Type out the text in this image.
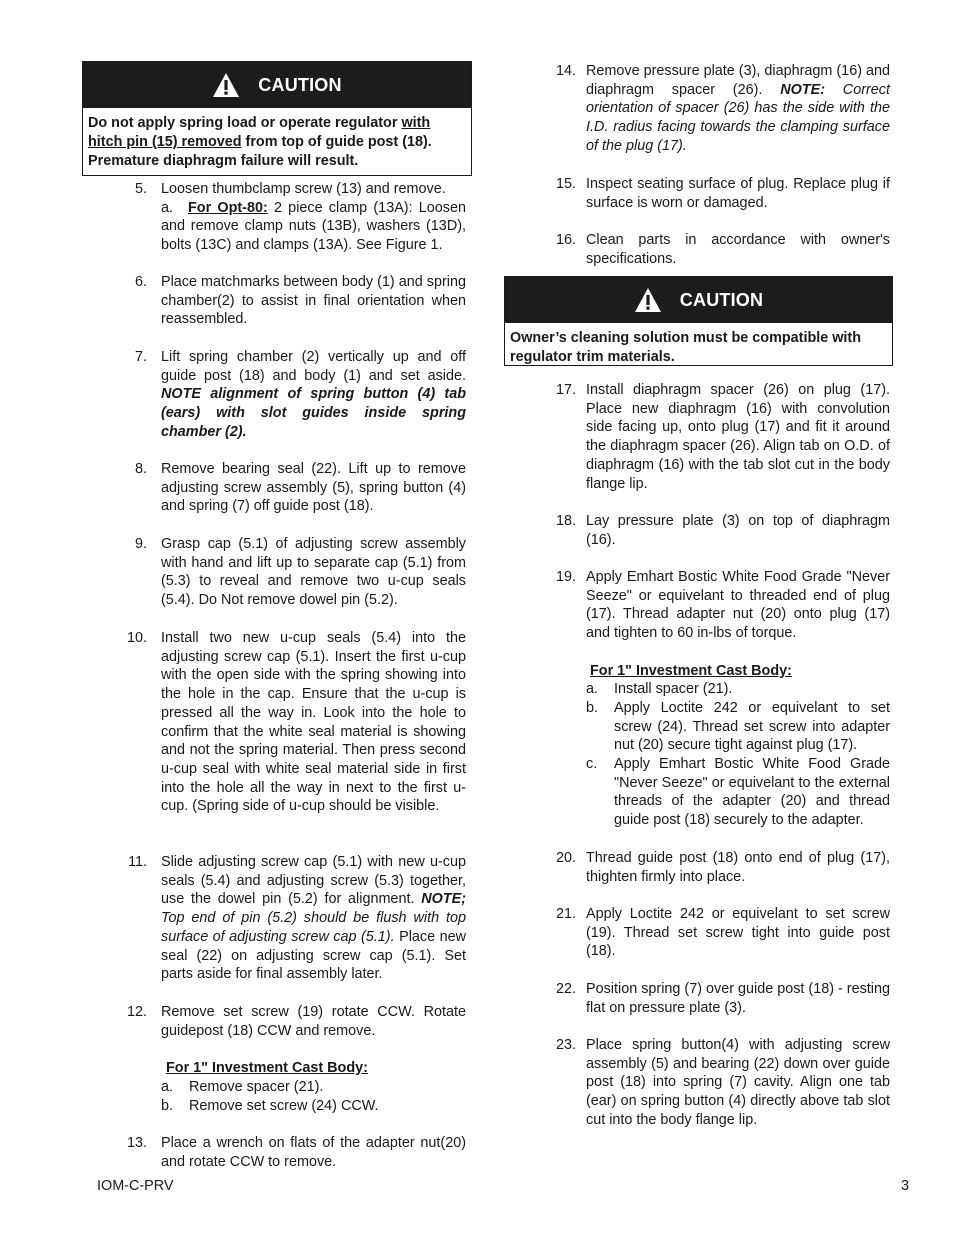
CAUTION
Do not apply spring load or operate regulator with hitch pin (15) removed from top of guide post (18). Premature diaphragm failure will result.
5. Loosen thumbclamp screw (13) and remove.
a.	For Opt-80: 2 piece clamp (13A): Loosen and remove clamp nuts (13B), washers (13D), bolts (13C) and clamps (13A). See Figure 1.
6. Place matchmarks between body (1) and spring chamber(2) to assist in final orientation when reassembled.
7. Lift spring chamber (2) vertically up and off guide post (18) and body (1) and set aside. NOTE alignment of spring button (4) tab (ears) with slot guides inside spring chamber (2).
8. Remove bearing seal (22). Lift up to remove adjusting screw assembly (5), spring button (4) and spring (7) off guide post (18).
9. Grasp cap (5.1) of adjusting screw assembly with hand and lift up to separate cap (5.1) from (5.3) to reveal and remove two u-cup seals (5.4). Do Not remove dowel pin (5.2).
10. Install two new u-cup seals (5.4) into the adjusting screw cap (5.1). Insert the first u-cup with the open side with the spring showing into the hole in the cap. Ensure that the u-cup is pressed all the way in. Look into the hole to confirm that the white seal material is showing and not the spring material. Then press second u-cup seal with white seal material side in first into the hole all the way in next to the first u-cup. (Spring side of u-cup should be visible.
11. Slide adjusting screw cap (5.1) with new u-cup seals (5.4) and adjusting screw (5.3) together, use the dowel pin (5.2) for alignment. NOTE; Top end of pin (5.2) should be flush with top surface of adjusting screw cap (5.1). Place new seal (22) on adjusting screw cap (5.1). Set parts aside for final assembly later.
12. Remove set screw (19) rotate CCW. Rotate guidepost (18) CCW and remove.
For 1" Investment Cast Body:
a. Remove spacer (21).
b. Remove set screw (24) CCW.
13. Place a wrench on flats of the adapter nut(20) and rotate CCW to remove.
IOM-C-PRV
14. Remove pressure plate (3), diaphragm (16) and diaphragm spacer (26). NOTE: Correct orientation of spacer (26) has the side with the I.D. radius facing towards the clamping surface of the plug (17).
15. Inspect seating surface of plug. Replace plug if surface is worn or damaged.
16. Clean parts in accordance with owner's specifications.
CAUTION
Owner’s cleaning solution must be compatible with regulator trim materials.
17. Install diaphragm spacer (26) on plug (17). Place new diaphragm (16) with convolution side facing up, onto plug (17) and fit it around the diaphragm spacer (26). Align tab on O.D. of diaphragm (16) with the tab slot cut in the body flange lip.
18. Lay pressure plate (3) on top of diaphragm (16).
19. Apply Emhart Bostic White Food Grade "Never Seeze" or equivelant to threaded end of plug (17). Thread adapter nut (20) onto plug (17) and tighten to 60 in-lbs of torque.
For 1" Investment Cast Body:
a. Install spacer (21).
b. Apply Loctite 242 or equivelant to set screw (24). Thread set screw into adapter nut (20) secure tight against plug (17).
c. Apply Emhart Bostic White Food Grade "Never Seeze" or equivelant to the external threads of the adapter (20) and thread guide post (18) securely to the adapter.
20. Thread guide post (18) onto end of plug (17), thighten firmly into place.
21. Apply Loctite 242 or equivelant to set screw (19). Thread set screw tight into guide post (18).
22. Position spring (7) over guide post (18) - resting flat on pressure plate (3).
23. Place spring button(4) with adjusting screw assembly (5) and bearing (22) down over guide post (18) into spring (7) cavity. Align one tab (ear) on spring button (4) directly above tab slot cut into the body flange lip.
3
